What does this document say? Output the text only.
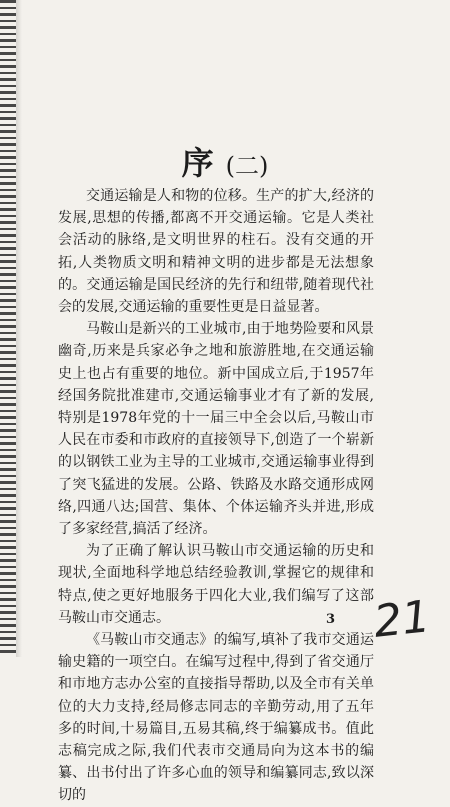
序 (二)

交通运输是人和物的位移。生产的扩大,经济的发展,思想的传播,都离不开交通运输。它是人类社会活动的脉络,是文明世界的柱石。没有交通的开拓,人类物质文明和精神文明的进步都是无法想象的。交通运输是国民经济的先行和纽带,随着现代社会的发展,交通运输的重要性更是日益显著。

马鞍山是新兴的工业城市,由于地势险要和风景幽奇,历来是兵家必争之地和旅游胜地,在交通运输史上也占有重要的地位。新中国成立后,于1957年经国务院批准建市,交通运输事业才有了新的发展,特别是1978年党的十一届三中全会以后,马鞍山市人民在市委和市政府的直接领导下,创造了一个崭新的以钢铁工业为主导的工业城市,交通运输事业得到了突飞猛进的发展。公路、铁路及水路交通形成网络,四通八达;国营、集体、个体运输齐头并进,形成了多家经营,搞活了经济。

为了正确了解认识马鞍山市交通运输的历史和现状,全面地科学地总结经验教训,掌握它的规律和特点,使之更好地服务于四化大业,我们编写了这部马鞍山市交通志。

《马鞍山市交通志》的编写,填补了我市交通运输史籍的一项空白。在编写过程中,得到了省交通厅和市地方志办公室的直接指导帮助,以及全市有关单位的大力支持,经局修志同志的辛勤劳动,用了五年多的时间,十易篇目,五易其稿,终于编纂成书。值此志稿完成之际,我们代表市交通局向为这本书的编纂、出书付出了许多心血的领导和编纂同志,致以深切的

3 21
